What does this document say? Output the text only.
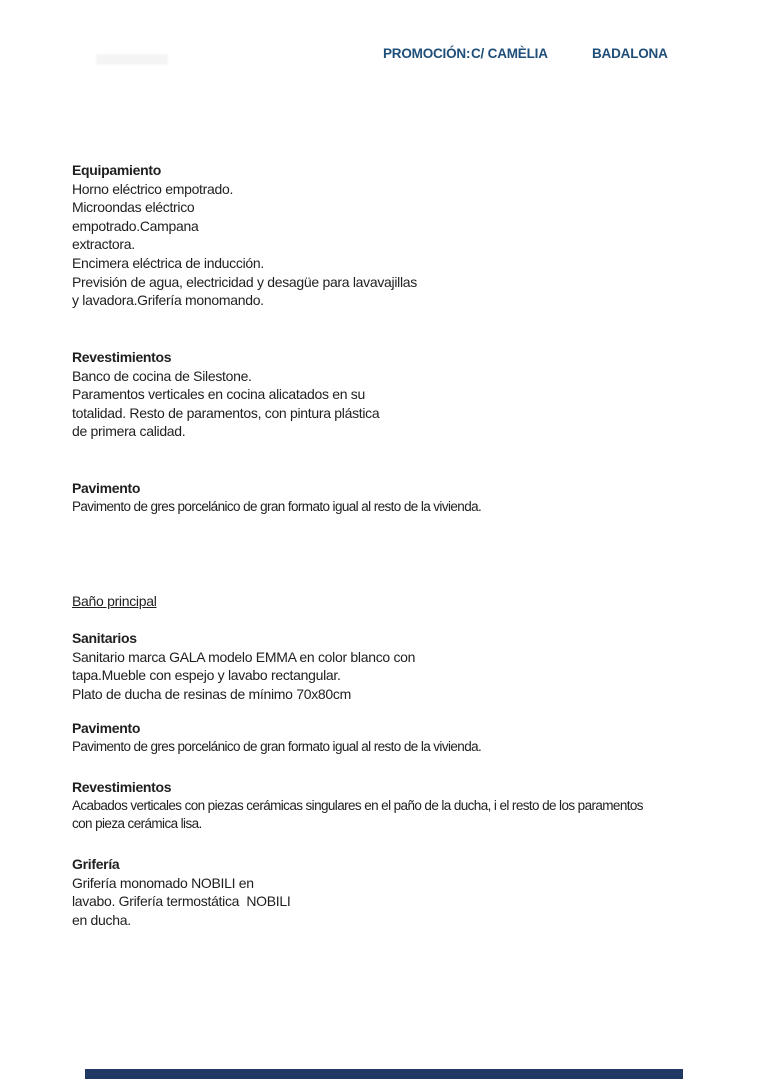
PROMOCIÓN: C/ CAMÈLIA	BADALONA
Equipamiento

Horno eléctrico empotrado.

Microondas eléctrico

empotrado.Campana

extractora.

Encimera eléctrica de inducción.

Previsión de agua, electricidad y desagüe para lavavajillas

y lavadora.Grifería monomando.

Revestimientos

Banco de cocina de Silestone.

Paramentos verticales en cocina alicatados en su

totalidad. Resto de paramentos, con pintura plástica

de primera calidad.

Pavimento

Pavimento de gres porcelánico de gran formato igual al resto de la vivienda.

Baño principal
Sanitarios

Sanitario marca GALA modelo EMMA en color blanco con

tapa.Mueble con espejo y lavabo rectangular.

Plato de ducha de resinas de mínimo 70x80cm

Pavimento

Pavimento de gres porcelánico de gran formato igual al resto de la vivienda.

Revestimientos

Acabados verticales con piezas cerámicas singulares en el paño de la ducha, i el resto de los paramentos

con pieza cerámica lisa.

Grifería

Grifería monomado NOBILI en

lavabo. Grifería termostática  NOBILI

en ducha.
